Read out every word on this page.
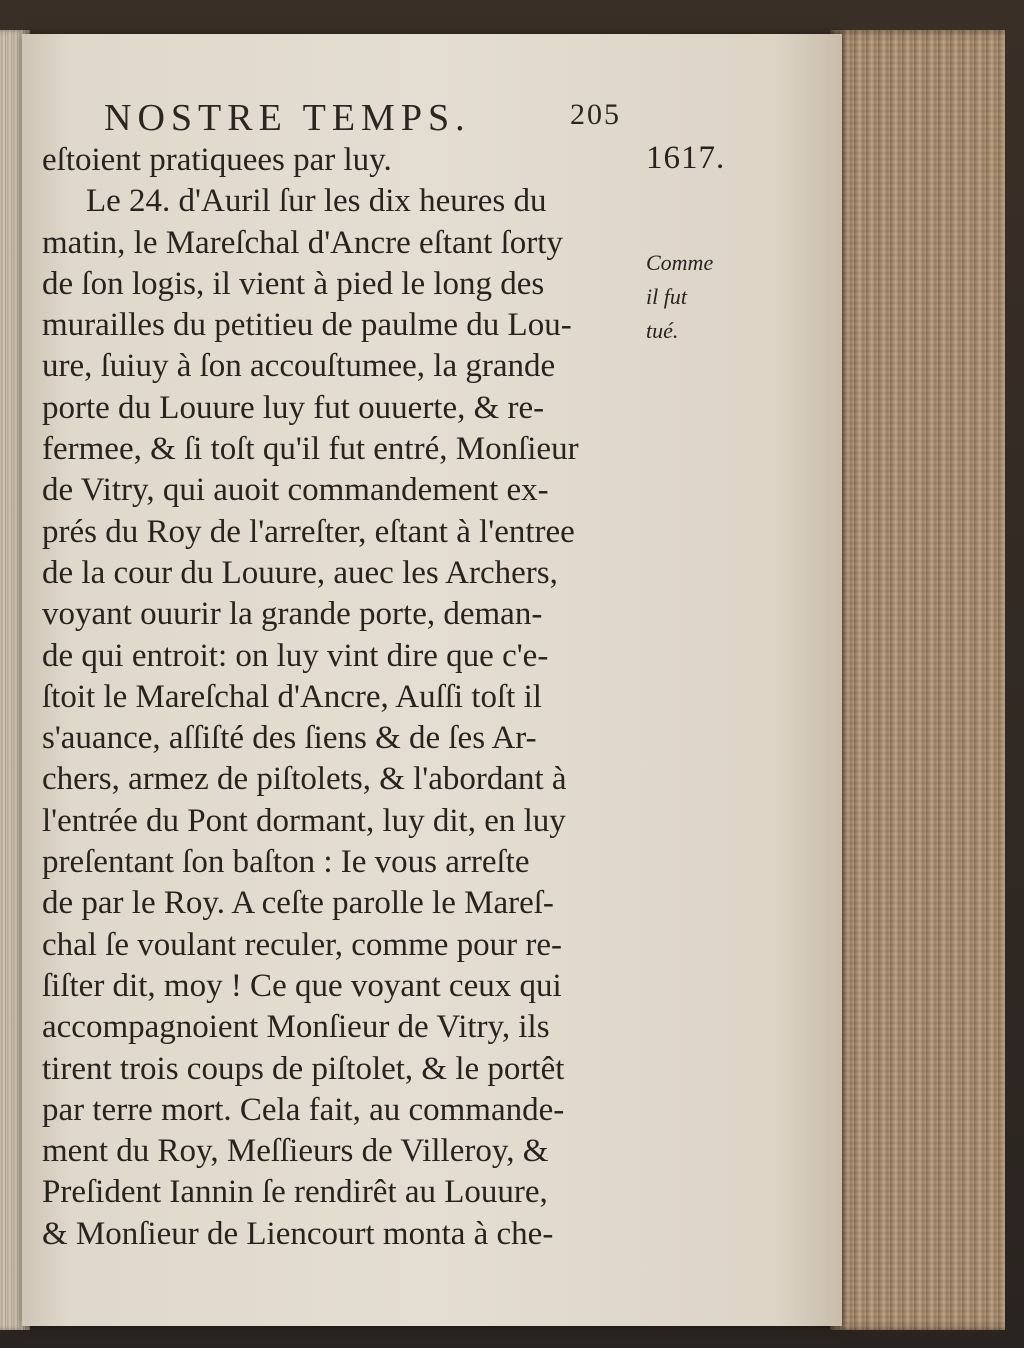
NOSTRE TEMPS.	205
1617.
Comme
il fut
tué.
eſtoient pratiquees par luy.
Le 24. d'Auril ſur les dix heures du
matin, le Mareſchal d'Ancre eſtant ſorty
de ſon logis, il vient à pied le long des
murailles du petitieu de paulme du Lou-
ure, ſuiuy à ſon accouſtumee, la grande
porte du Louure luy fut ouuerte, & re-
fermee, & ſi toſt qu'il fut entré, Monſieur
de Vitry, qui auoit commandement ex-
prés du Roy de l'arreſter, eſtant à l'entree
de la cour du Louure, auec les Archers,
voyant ouurir la grande porte, deman-
de qui entroit: on luy vint dire que c'e-
ſtoit le Mareſchal d'Ancre, Auſſi toſt il
s'auance, aſſiſté des ſiens & de ſes Ar-
chers, armez de piſtolets, & l'abordant à
l'entrée du Pont dormant, luy dit, en luy
preſentant ſon baſton : Ie vous arreſte
de par le Roy. A ceſte parolle le Mareſ-
chal ſe voulant reculer, comme pour re-
ſiſter dit, moy ! Ce que voyant ceux qui
accompagnoient Monſieur de Vitry, ils
tirent trois coups de piſtolet, & le portêt
par terre mort. Cela fait, au commande-
ment du Roy, Meſſieurs de Villeroy, &
Preſident Iannin ſe rendirêt au Louure,
& Monſieur de Liencourt monta à che-
